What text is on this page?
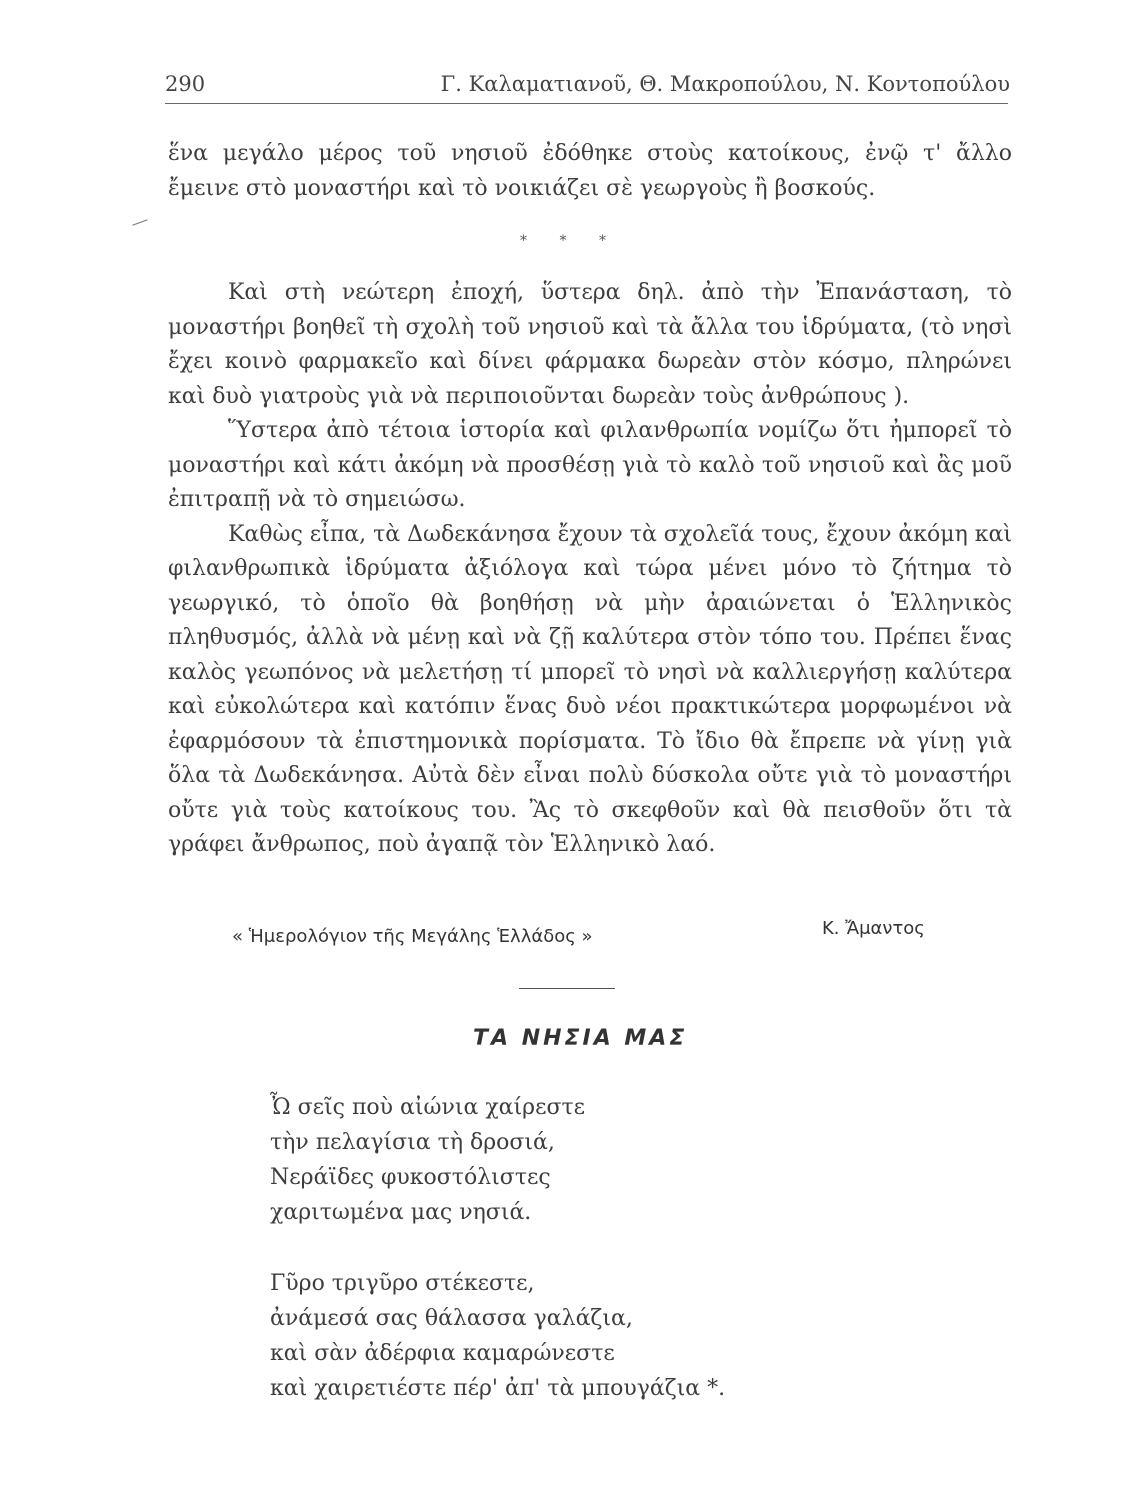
290	Γ. Καλαματιανοῦ, Θ. Μακροπούλου, Ν. Κοντοπούλου

ἕνα μεγάλο μέρος τοῦ νησιοῦ ἐδόθηκε στοὺς κατοίκους, ἐνῷ τ' ἄλλο ἔμεινε στὸ μοναστήρι καὶ τὸ νοικιάζει σὲ γεωργοὺς ἢ βοσκούς.

* * *

Καὶ στὴ νεώτερη ἐποχή, ὕστερα δηλ. ἀπὸ τὴν Ἐπανάσταση, τὸ μοναστήρι βοηθεῖ τὴ σχολὴ τοῦ νησιοῦ καὶ τὰ ἄλλα του ἱδρύματα, (τὸ νησὶ ἔχει κοινὸ φαρμακεῖο καὶ δίνει φάρμακα δωρεὰν στὸν κόσμο, πληρώνει καὶ δυὸ γιατροὺς γιὰ νὰ περιποιοῦνται δωρεὰν τοὺς ἀνθρώπους ).

Ὕστερα ἀπὸ τέτοια ἱστορία καὶ φιλανθρωπία νομίζω ὅτι ἠμπορεῖ τὸ μοναστήρι καὶ κάτι ἀκόμη νὰ προσθέσῃ γιὰ τὸ καλὸ τοῦ νησιοῦ καὶ ἂς μοῦ ἐπιτραπῇ νὰ τὸ σημειώσω.

Καθὼς εἶπα, τὰ Δωδεκάνησα ἔχουν τὰ σχολεῖά τους, ἔχουν ἀκόμη καὶ φιλανθρωπικὰ ἱδρύματα ἀξιόλογα καὶ τώρα μένει μόνο τὸ ζήτημα τὸ γεωργικό, τὸ ὁποῖο θὰ βοηθήσῃ νὰ μὴν ἀραιώνεται ὁ Ἑλληνικὸς πληθυσμός, ἀλλὰ νὰ μένῃ καὶ νὰ ζῇ καλύτερα στὸν τόπο του. Πρέπει ἕνας καλὸς γεωπόνος νὰ μελετήσῃ τί μπορεῖ τὸ νησὶ νὰ καλλιεργήσῃ καλύτερα καὶ εὐκολώτερα καὶ κατόπιν ἕνας δυὸ νέοι πρακτικώτερα μορφωμένοι νὰ ἐφαρμόσουν τὰ ἐπιστημονικὰ πορίσματα. Τὸ ἴδιο θὰ ἔπρεπε νὰ γίνῃ γιὰ ὅλα τὰ Δωδεκάνησα. Αὐτὰ δὲν εἶναι πολὺ δύσκολα οὔτε γιὰ τὸ μοναστήρι οὔτε γιὰ τοὺς κατοίκους του. Ἂς τὸ σκεφθοῦν καὶ θὰ πεισθοῦν ὅτι τὰ γράφει ἄνθρωπος, ποὺ ἀγαπᾷ τὸν Ἑλληνικὸ λαό.

« Ἡμερολόγιον τῆς Μεγάλης Ἑλλάδος »	Κ. Ἄμαντος
ΤΑ ΝΗΣΙΑ ΜΑΣ
Ὦ σεῖς ποὺ αἰώνια χαίρεστε
τὴν πελαγίσια τὴ δροσιά,
Νεράϊδες φυκοστόλιστες
χαριτωμένα μας νησιά.
Γῦρο τριγῦρο στέκεστε,
ἀνάμεσά σας θάλασσα γαλάζια,
καὶ σὰν ἀδέρφια καμαρώνεστε
καὶ χαιρετιέστε πέρ' ἀπ' τὰ μπουγάζια *.
